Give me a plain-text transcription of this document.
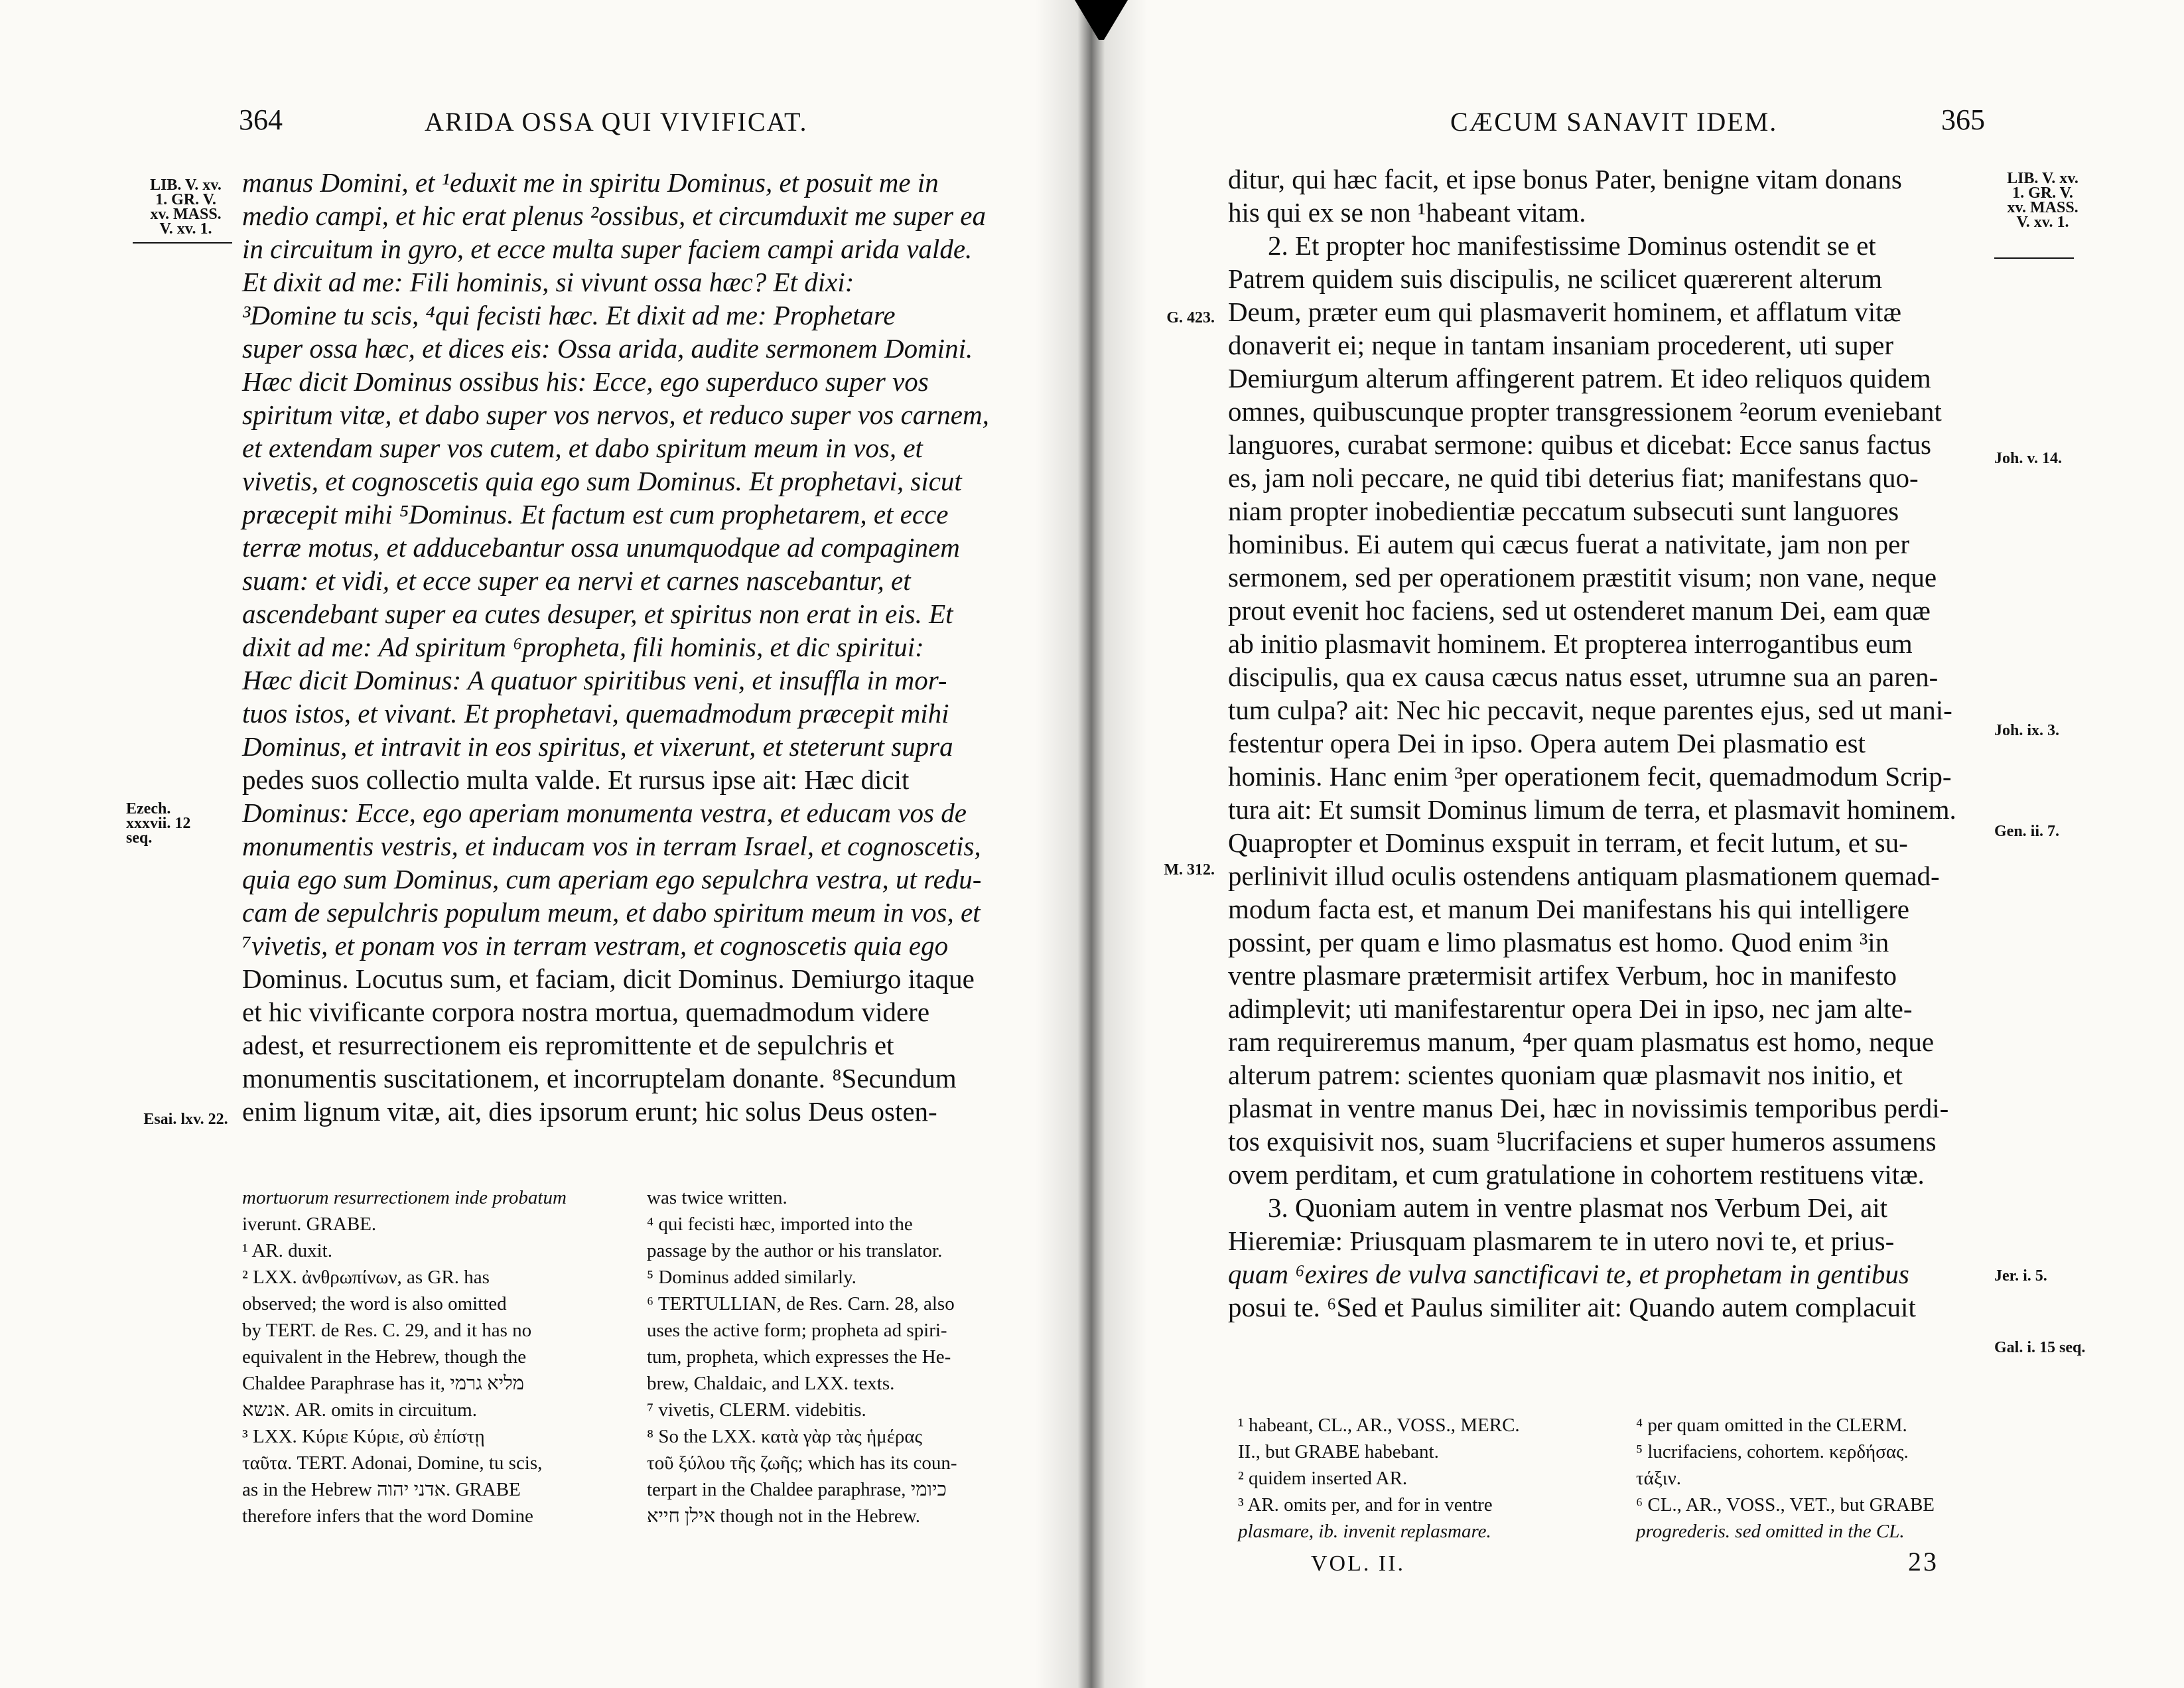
364	ARIDA OSSA QUI VIVIFICAT.
LIB. V. xv. 1. GR. V. xv. MASS. V. xv. 1.
Ezech. xxxvii. 12 seq.
Esai. lxv. 22.

manus Domini, et ¹eduxit me in spiritu Dominus, et posuit me in

medio campi, et hic erat plenus ²ossibus, et circumduxit me super ea

in circuitum in gyro, et ecce multa super faciem campi arida valde.

Et dixit ad me: Fili hominis, si vivunt ossa hæc? Et dixi:

³Domine tu scis, ⁴qui fecisti hæc. Et dixit ad me: Prophetare

super ossa hæc, et dices eis: Ossa arida, audite sermonem Domini.

Hæc dicit Dominus ossibus his: Ecce, ego superduco super vos

spiritum vitæ, et dabo super vos nervos, et reduco super vos carnem,

et extendam super vos cutem, et dabo spiritum meum in vos, et

vivetis, et cognoscetis quia ego sum Dominus. Et prophetavi, sicut

præcepit mihi ⁵Dominus. Et factum est cum prophetarem, et ecce

terræ motus, et adducebantur ossa unumquodque ad compaginem

suam: et vidi, et ecce super ea nervi et carnes nascebantur, et

ascendebant super ea cutes desuper, et spiritus non erat in eis. Et

dixit ad me: Ad spiritum ⁶propheta, fili hominis, et dic spiritui:

Hæc dicit Dominus: A quatuor spiritibus veni, et insuffla in mor-

tuos istos, et vivant. Et prophetavi, quemadmodum præcepit mihi

Dominus, et intravit in eos spiritus, et vixerunt, et steterunt supra

pedes suos collectio multa valde. Et rursus ipse ait: Hæc dicit

Dominus: Ecce, ego aperiam monumenta vestra, et educam vos de

monumentis vestris, et inducam vos in terram Israel, et cognoscetis,

quia ego sum Dominus, cum aperiam ego sepulchra vestra, ut redu-

cam de sepulchris populum meum, et dabo spiritum meum in vos, et

⁷vivetis, et ponam vos in terram vestram, et cognoscetis quia ego

Dominus. Locutus sum, et faciam, dicit Dominus. Demiurgo itaque

et hic vivificante corpora nostra mortua, quemadmodum videre

adest, et resurrectionem eis repromittente et de sepulchris et

monumentis suscitationem, et incorruptelam donante. ⁸Secundum

enim lignum vitæ, ait, dies ipsorum erunt; hic solus Deus osten-

mortuorum resurrectionem inde probatum

iverunt. GRABE.

¹ AR. duxit.

² LXX. ἀνθρωπίνων, as GR. has

observed; the word is also omitted

by TERT. de Res. C. 29, and it has no

equivalent in the Hebrew, though the

Chaldee Paraphrase has it, מליא גרמי

אנשא. AR. omits in circuitum.

³ LXX. Κύριε Κύριε, σὺ ἐπίστῃ

ταῦτα. TERT. Adonai, Domine, tu scis,

as in the Hebrew אדני יהוה. GRABE

therefore infers that the word Domine

was twice written.

⁴ qui fecisti hæc, imported into the

passage by the author or his translator.

⁵ Dominus added similarly.

⁶ TERTULLIAN, de Res. Carn. 28, also

uses the active form; propheta ad spiri-

tum, propheta, which expresses the He-

brew, Chaldaic, and LXX. texts.

⁷ vivetis, CLERM. videbitis.

⁸ So the LXX. κατὰ γὰρ τὰς ἡμέρας

τοῦ ξύλου τῆς ζωῆς; which has its coun-

terpart in the Chaldee paraphrase, כיומי

אילן חייא though not in the Hebrew.

CÆCUM SANAVIT IDEM.	365
LIB. V. xv. 1. GR. V. xv. MASS. V. xv. 1.
G. 423.
Joh. v. 14.
Joh. ix. 3.
Gen. ii. 7.
M. 312.
Jer. i. 5.
Gal. i. 15 seq.

ditur, qui hæc facit, et ipse bonus Pater, benigne vitam donans

his qui ex se non ¹habeant vitam.

2. Et propter hoc manifestissime Dominus ostendit se et

Patrem quidem suis discipulis, ne scilicet quærerent alterum

Deum, præter eum qui plasmaverit hominem, et afflatum vitæ

donaverit ei; neque in tantam insaniam procederent, uti super

Demiurgum alterum affingerent patrem. Et ideo reliquos quidem

omnes, quibuscunque propter transgressionem ²eorum eveniebant

languores, curabat sermone: quibus et dicebat: Ecce sanus factus

es, jam noli peccare, ne quid tibi deterius fiat; manifestans quo-

niam propter inobedientiæ peccatum subsecuti sunt languores

hominibus. Ei autem qui cæcus fuerat a nativitate, jam non per

sermonem, sed per operationem præstitit visum; non vane, neque

prout evenit hoc faciens, sed ut ostenderet manum Dei, eam quæ

ab initio plasmavit hominem. Et propterea interrogantibus eum

discipulis, qua ex causa cæcus natus esset, utrumne sua an paren-

tum culpa? ait: Nec hic peccavit, neque parentes ejus, sed ut mani-

festentur opera Dei in ipso. Opera autem Dei plasmatio est

hominis. Hanc enim ³per operationem fecit, quemadmodum Scrip-

tura ait: Et sumsit Dominus limum de terra, et plasmavit hominem.

Quapropter et Dominus exspuit in terram, et fecit lutum, et su-

perlinivit illud oculis ostendens antiquam plasmationem quemad-

modum facta est, et manum Dei manifestans his qui intelligere

possint, per quam e limo plasmatus est homo. Quod enim ³in

ventre plasmare prætermisit artifex Verbum, hoc in manifesto

adimplevit; uti manifestarentur opera Dei in ipso, nec jam alte-

ram requireremus manum, ⁴per quam plasmatus est homo, neque

alterum patrem: scientes quoniam quæ plasmavit nos initio, et

plasmat in ventre manus Dei, hæc in novissimis temporibus perdi-

tos exquisivit nos, suam ⁵lucrifaciens et super humeros assumens

ovem perditam, et cum gratulatione in cohortem restituens vitæ.

3. Quoniam autem in ventre plasmat nos Verbum Dei, ait

Hieremiæ: Priusquam plasmarem te in utero novi te, et prius-

quam ⁶exires de vulva sanctificavi te, et prophetam in gentibus

posui te. ⁶Sed et Paulus similiter ait: Quando autem complacuit

¹ habeant, CL., AR., VOSS., MERC.

II., but GRABE habebant.

² quidem inserted AR.

³ AR. omits per, and for in ventre

plasmare, ib. invenit replasmare.

⁴ per quam omitted in the CLERM.

⁵ lucrifaciens, cohortem. κερδήσας.

τάξιν.

⁶ CL., AR., VOSS., VET., but GRABE

progrederis. sed omitted in the CL.

VOL. II.	23
